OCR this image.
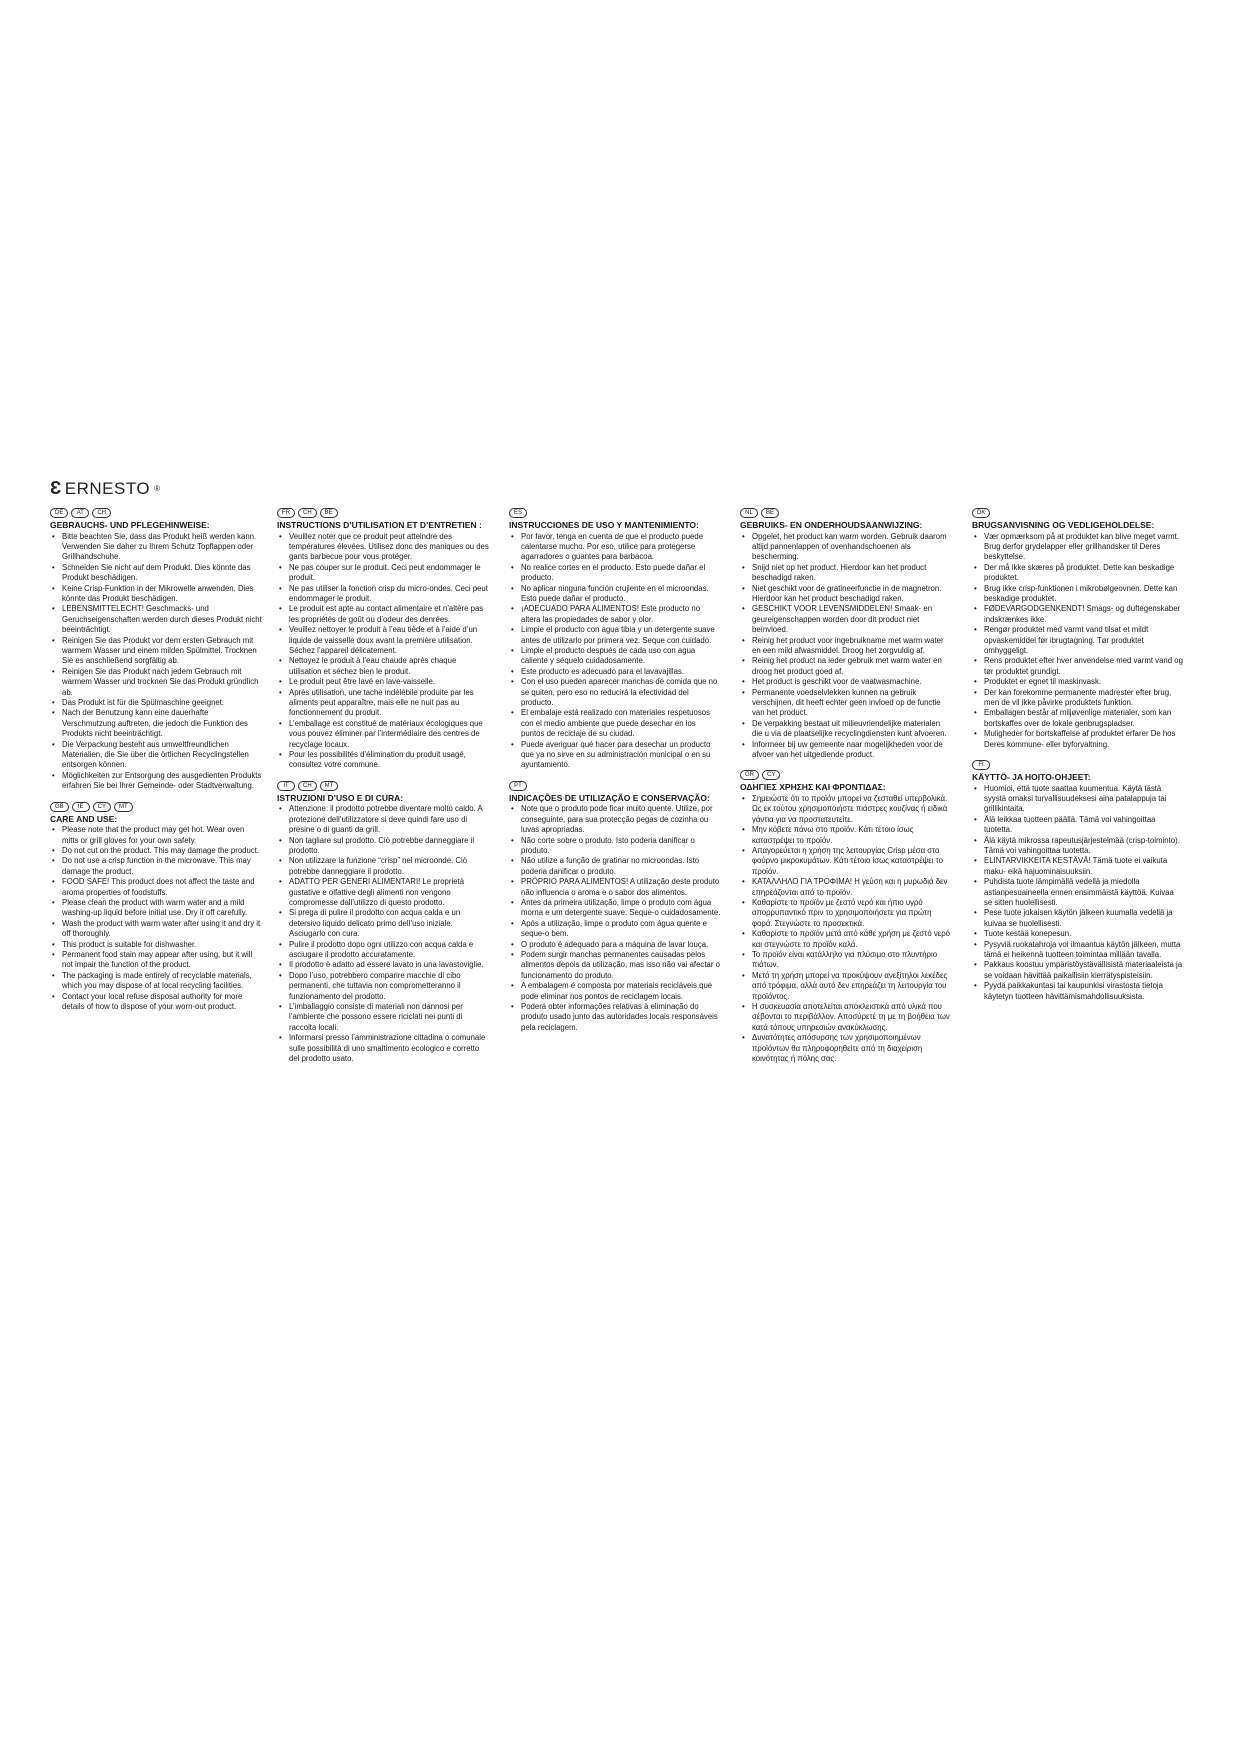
Ɛ ERNESTO ®
DE	AT	CH
GEBRAUCHS- UND PFLEGEHINWEISE:
• Bitte beachten Sie, dass das Produkt heiß werden kann. Verwenden Sie daher zu Ihrem Schutz Topflappen oder Grillhandschuhe.
• Schneiden Sie nicht auf dem Produkt. Dies könnte das Produkt beschädigen.
• Keine Crisp-Funktion in der Mikrowelle anwenden. Dies könnte das Produkt beschädigen.
• LEBENSMITTELECHT! Geschmacks- und Geruchseigenschaften werden durch dieses Produkt nicht beeinträchtigt.
• Reinigen Sie das Produkt vor dem ersten Gebrauch mit warmem Wasser und einem milden Spülmittel. Trocknen Sie es anschließend sorgfältig ab.
• Reinigen Sie das Produkt nach jedem Gebrauch mit warmem Wasser und trocknen Sie das Produkt gründlich ab.
• Das Produkt ist für die Spülmaschine geeignet.
• Nach der Benutzung kann eine dauerhafte Verschmutzung auftreten, die jedoch die Funktion des Produkts nicht beeinträchtigt.
• Die Verpackung besteht aus umweltfreundlichen Materialien, die Sie über die örtlichen Recyclingstellen entsorgen können.
• Möglichkeiten zur Entsorgung des ausgedienten Produkts erfahren Sie bei Ihrer Gemeinde- oder Stadtverwaltung.
GB	IE	CY	MT
CARE AND USE:
• Please note that the product may get hot. Wear oven mitts or grill gloves for your own safety.
• Do not cut on the product. This may damage the product.
• Do not use a crisp function in the microwave. This may damage the product.
• FOOD SAFE! This product does not affect the taste and aroma properties of foodstuffs.
• Please clean the product with warm water and a mild washing-up liquid before initial use. Dry it off carefully.
• Wash the product with warm water after using it and dry it off thoroughly.
• This product is suitable for dishwasher.
• Permanent food stain may appear after using, but it will not impair the function of the product.
• The packaging is made entirely of recyclable materials, which you may dispose of at local recycling facilities.
• Contact your local refuse disposal authority for more details of how to dispose of your worn-out product.
FR	CH	BE
INSTRUCTIONS D’UTILISATION ET D’ENTRETIEN :
• Veuillez noter que ce produit peut atteindre des températures élevées. Utilisez donc des maniques ou des gants barbecue pour vous protéger.
• Ne pas couper sur le produit. Ceci peut endommager le produit.
• Ne pas utiliser la fonction crisp du micro-ondes. Ceci peut endommager le produit.
• Le produit est apte au contact alimentaire et n’altère pas les propriétés de goût ou d’odeur des denrées.
• Veuillez nettoyer le produit à l’eau tiède et à l’aide d’un liquide de vaisselle doux avant la première utilisation. Séchez l’appareil délicatement.
• Nettoyez le produit à l’eau chaude après chaque utilisation et séchez bien le produit.
• Le produit peut être lavé en lave-vaisselle.
• Après utilisation, une tache indélébile produite par les aliments peut apparaître, mais elle ne nuit pas au fonctionnement du produit.
• L’emballage est constitué de matériaux écologiques que vous pouvez éliminer par l’intermédiaire des centres de recyclage locaux.
• Pour les possibilités d’élimination du produit usagé, consultez votre commune.
IT	CH	MT
ISTRUZIONI D’USO E DI CURA:
• Attenzione: il prodotto potrebbe diventare molto caldo. A protezione dell’utilizzatore si deve quindi fare uso di presine o di guanti da grill.
• Non tagliare sul prodotto. Ciò potrebbe danneggiare il prodotto.
• Non utilizzare la funzione “crisp” nel microonde. Ciò potrebbe danneggiare il prodotto.
• ADATTO PER GENERI ALIMENTARI! Le proprietà gustative e olfattive degli alimenti non vengono compromesse dall’utilizzo di questo prodotto.
• Si prega di pulire il prodotto con acqua calda e un detersivo liquido delicato primo dell’uso iniziale. Asciugarlo con cura.
• Pulire il prodotto dopo ogni utilizzo con acqua calda e asciugare il prodotto accuratamente.
• Il prodotto è adatto ad essere lavato in una lavastoviglie.
• Dopo l’uso, potrebbero comparire macchie di cibo permanenti, che tuttavia non comprometteranno il funzionamento del prodotto.
• L’imballaggio consiste di materiali non dannosi per l’ambiente che possono essere riciclati nei punti di raccolta locali.
• Informarsi presso l’amministrazione cittadina o comunale sulle possibilità di uno smaltimento ecologico e corretto del prodotto usato.
ES
INSTRUCCIONES DE USO Y MANTENIMIENTO:
• Por favor, tenga en cuenta de que el producto puede calentarse mucho. Por eso, utilice para protegerse agarradores o guantes para barbacoa.
• No realice cortes en el producto. Esto puede dañar el producto.
• No aplicar ninguna función crujiente en el microondas. Esto puede dañar el producto.
• ¡ADECUADO PARA ALIMENTOS! Este producto no altera las propiedades de sabor y olor.
• Limpie el producto con agua tibia y un detergente suave antes de utilizarlo por primera vez. Seque con cuidado.
• Limpie el producto después de cada uso con agua caliente y séquelo cuidadosamente.
• Este producto es adecuado para el lavavajillas.
• Con el uso pueden aparecer manchas de comida que no se quiten, pero eso no reducirá la efectividad del producto.
• El embalaje está realizado con materiales respetuosos con el medio ambiente que puede desechar en los puntos de reciclaje de su ciudad.
• Puede averiguar qué hacer para desechar un producto que ya no sirve en su administración municipal o en su ayuntamiento.
PT
INDICAÇÕES DE UTILIZAÇÃO E CONSERVAÇÃO:
• Note que o produto pode ficar muito quente. Utilize, por conseguinte, para sua protecção pegas de cozinha ou luvas apropriadas.
• Não corte sobre o produto. Isto poderia danificar o produto.
• Não utilize a função de gratinar no microondas. Isto poderia danificar o produto.
• PRÓPRIO PARA ALIMENTOS! A utilização deste produto não influencia o aroma e o sabor dos alimentos.
• Antes da primeira utilização, limpe o produto com água morna e um detergente suave. Seque-o cuidadosamente.
• Após a utilização, limpe o produto com água quente e seque-o bem.
• O produto é adequado para a máquina de lavar louça.
• Podem surgir manchas permanentes causadas pelos alimentos depois da utilização, mas isso não vai afectar o funcionamento do produto.
• A embalagem é composta por materiais recicláveis que pode eliminar nos pontos de reciclagem locais.
• Poderá obter informações relativas à eliminação do produto usado junto das autoridades locais responsáveis pela reciclagem.
NL	BE
GEBRUIKS- EN ONDERHOUDSAANWIJZING:
• Opgelet, het product kan warm worden. Gebruik daarom altijd pannenlappen of ovenhandschoenen als bescherming.
• Snijd niet op het product. Hierdoor kan het product beschadigd raken.
• Niet geschikt voor de gratineerfunctie in de magnetron. Hierdoor kan het product beschadigd raken.
• GESCHIKT VOOR LEVENSMIDDELEN! Smaak- en geureigenschappen worden door dit product niet beïnvloed.
• Reinig het product voor ingebruikname met warm water en een mild afwasmiddel. Droog het zorgvuldig af.
• Reinig het product na ieder gebruik met warm water en droog het product goed af.
• Het product is geschikt voor de vaatwasmachine.
• Permanente voedselvlekken kunnen na gebruik verschijnen, dit heeft echter geen invloed op de functie van het product.
• De verpakking bestaat uit milieuvriendelijke materialen die u via de plaatselijke recyclingdiensten kunt afvoeren.
• Informeer bij uw gemeente naar mogelijkheden voor de afvoer van het uitgediende product.
GR	CY
ΟΔΗΓΙΕΣ ΧΡΗΣΗΣ ΚΑΙ ΦΡΟΝΤΙΔΑΣ:
• Σημειώστε ότι το προϊόν μπορεί να ζεσταθεί υπερβολικά. Ως εκ τούτου χρησιμοποιήστε πιάστρες κουζίνας ή ειδικά γάντια για να προστατευτείτε.
• Μην κόβετε πάνω στο προϊόν. Κάτι τέτοιο ίσως καταστρέψει το προϊόν.
• Απαγορεύεται η χρήση της λειτουργίας Crisp μέσα στο φούρνο μικροκυμάτων. Κάτι τέτοιο ίσως καταστρέψει το προϊόν.
• ΚΑΤΑΛΛΗΛΟ ΓΙΑ ΤΡΟΦΙΜΑ! Η γεύση και η μυρωδιά δεν επηρεάζονται από το προϊόν.
• Καθαρίστε το προϊόν με ζεστό νερό και ήπιο υγρό απορρυπαντικό πριν το χρησιμοποιήσετε για πρώτη φορά. Στεγνώστε το προσεκτικά.
• Καθαρίστε το προϊόν μετά από κάθε χρήση με ζεστό νερό και στεγνώστε το προϊόν καλά.
• Το προϊόν είναι κατάλληλο για πλύσιμο στο πλυντήριο πιάτων.
• Μετά τη χρήση μπορεί να προκύψουν ανεξίτηλοι λεκέδες από τρόφιμα, αλλά αυτό δεν επηρεάζει τη λειτουργία του προϊόντος.
• Η συσκευασία αποτελείται αποκλειστικά από υλικά που σέβονται το περιβάλλον. Αποσύρετέ τη με τη βοήθεια των κατά τόπους υπηρεσιών ανακύκλωσης.
• Δυνατότητες απόσυρσης των χρησιμοποιημένων προϊόντων θα πληροφορηθείτε από τη διαχείριση κοινότητας ή πόλης σας.
DK
BRUGSANVISNING OG VEDLIGEHOLDELSE:
• Vær opmærksom på at produktet kan blive meget varmt. Brug derfor grydelapper eller grillhandsker til Deres beskyttelse.
• Der må ikke skæres på produktet. Dette kan beskadige produktet.
• Brug ikke crisp-funktionen i mikrobølgeovnen. Dette kan beskadige produktet.
• FØDEVARGODGENKENDT! Smags- og duftegenskaber indskrænkes ikke.
• Rengør produktet med varmt vand tilsat et mildt opvaskemiddel før ibrugtagning. Tør produktet omhyggeligt.
• Rens produktet efter hver anvendelse med varmt vand og tør produktet grundigt.
• Produktet er egnet til maskinvask.
• Der kan forekomme permanente madrester efter brug, men de vil ikke påvirke produktets funktion.
• Emballagen består af miljøvenlige materialer, som kan bortskaffes over de lokale genbrugspladser.
• Muligheder for bortskaffelse af produktet erfarer De hos Deres kommune- eller byforvaltning.
FI
KÄYTTÖ- JA HOITO-OHJEET:
• Huomioi, että tuote saattaa kuumentua. Käytä tästä syystä omaksi turvallisuudeksesi aina patalappuja tai grillikintaita.
• Älä leikkaa tuotteen päällä. Tämä voi vahingoittaa tuotetta.
• Älä käytä mikrossa rapeutusjärjestelmää (crisp-toiminto). Tämä voi vahingoittaa tuotetta.
• ELINTARVIKKEITA KESTÄVÄ! Tämä tuote ei vaikuta maku- eikä hajuominaisuuksiin.
• Puhdista tuote lämpimällä vedellä ja miedolla astianpesuaineella ennen ensimmäistä käyttöä. Kuivaa se sitten huolellisesti.
• Pese tuote jokaisen käytön jälkeen kuumalla vedellä ja kuivaa se huolellisesti.
• Tuote kestää konepesun.
• Pysyviä ruokatahroja voi ilmaantua käytön jälkeen, mutta tämä ei heikennä tuotteen toimintaa millään tavalla.
• Pakkaus koostuu ympäristöystävällisistä materiaaleista ja se voidaan hävittää paikallisiin kierrätyspisteisiin.
• Pyydä paikkakuntasi tai kaupunkisi virastosta tietoja käytetyn tuotteen hävittämismahdollisuuksista.
